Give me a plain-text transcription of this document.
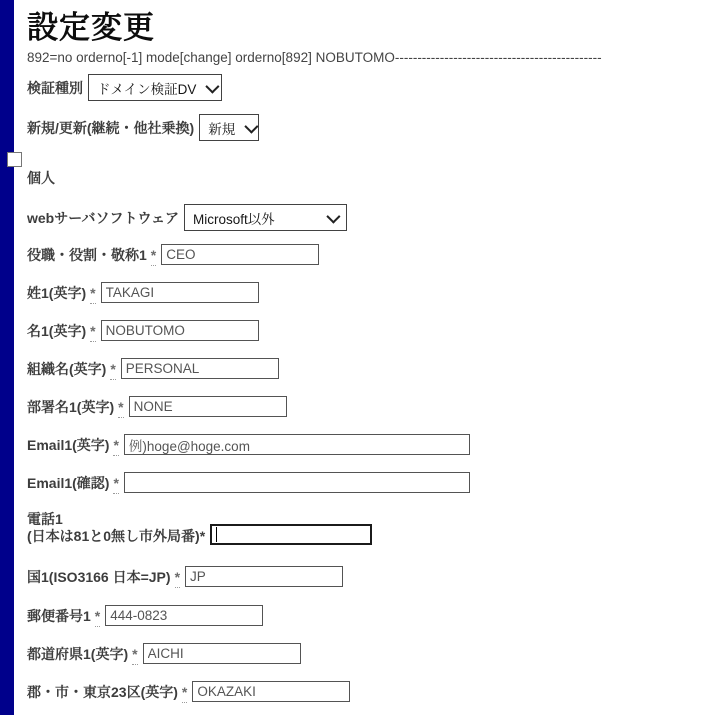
設定変更
892=no orderno[-1] mode[change] orderno[892] NOBUTOMO----------------------------------------------
検証種別 ドメイン検証DV
新規/更新(継続・他社乗換) 新規
個人
webサーバソフトウェア Microsoft以外
役職・役割・敬称1 *
CEO
姓1(英字) *
TAKAGI
名1(英字) *
NOBUTOMO
組織名(英字) *
PERSONAL
部署名1(英字) *
NONE
Email1(英字) *
例)hoge@hoge.com
Email1(確認) *
電話1
(日本は81と0無し市外局番)*
国1(ISO3166 日本=JP) *
JP
郵便番号1 *
444-0823
都道府県1(英字) *
AICHI
郡・市・東京23区(英字) *
OKAZAKI
